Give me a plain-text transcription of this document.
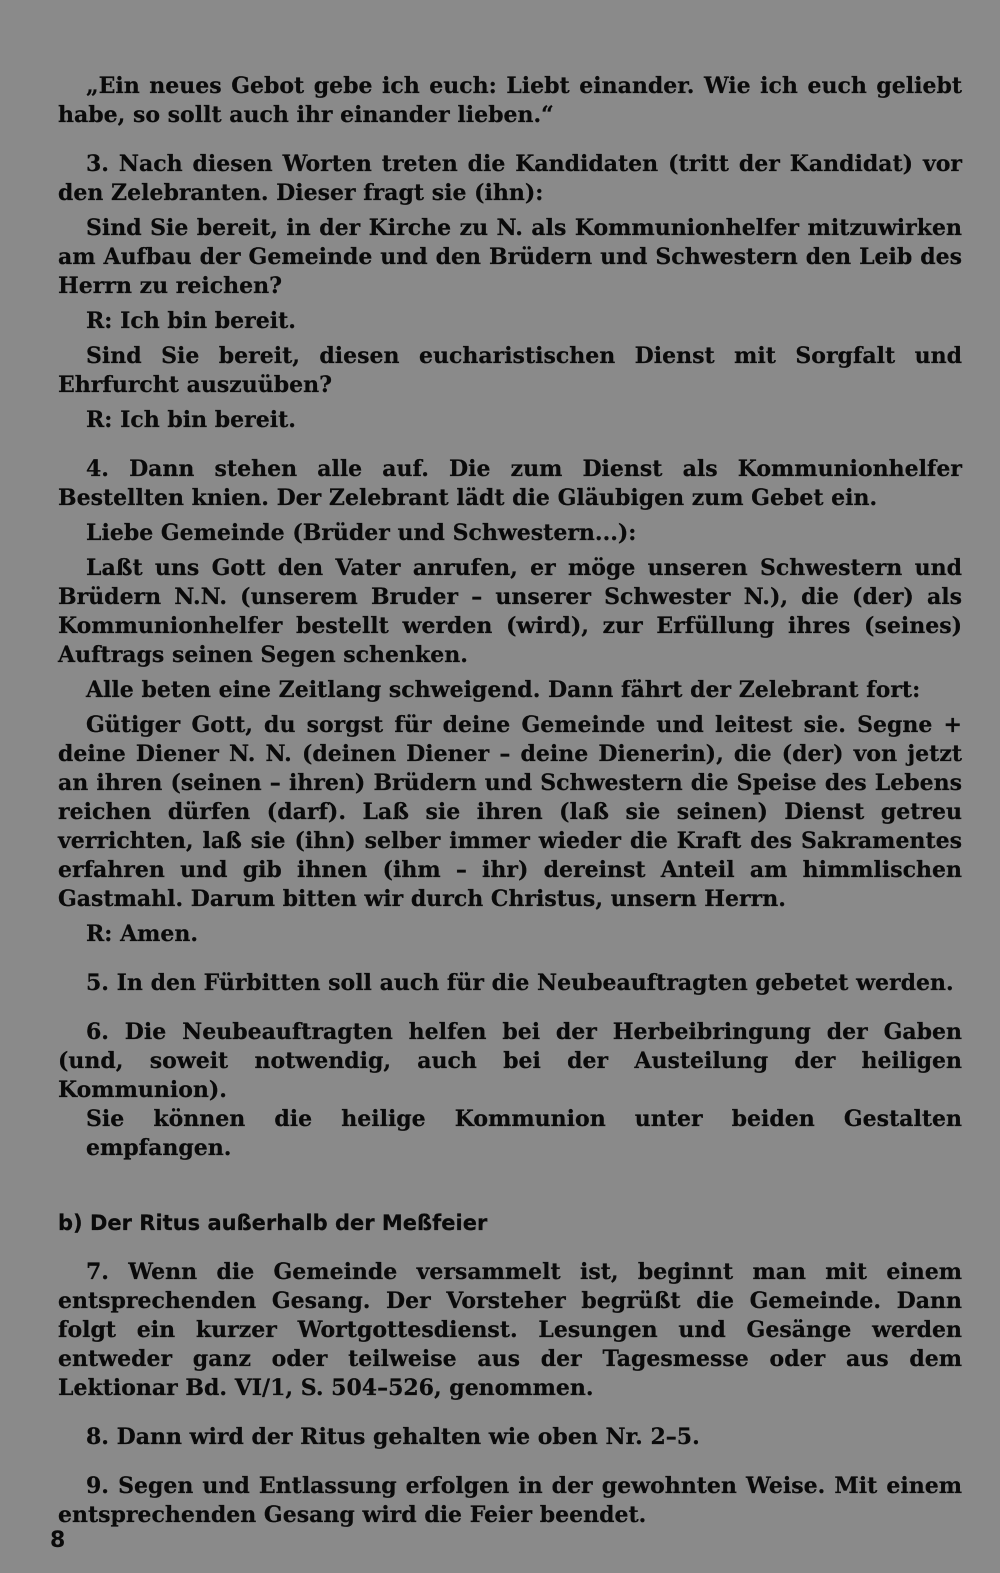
„Ein neues Gebot gebe ich euch: Liebt einander. Wie ich euch geliebt habe, so sollt auch ihr einander lieben.“

3. Nach diesen Worten treten die Kandidaten (tritt der Kandidat) vor den Zelebranten. Dieser fragt sie (ihn):

Sind Sie bereit, in der Kirche zu N. als Kommunionhelfer mitzuwirken am Aufbau der Gemeinde und den Brüdern und Schwestern den Leib des Herrn zu reichen?

R: Ich bin bereit.

Sind Sie bereit, diesen eucharistischen Dienst mit Sorgfalt und Ehrfurcht auszuüben?

R: Ich bin bereit.

4. Dann stehen alle auf. Die zum Dienst als Kommunionhelfer Bestellten knien. Der Zelebrant lädt die Gläubigen zum Gebet ein.

Liebe Gemeinde (Brüder und Schwestern...):

Laßt uns Gott den Vater anrufen, er möge unseren Schwestern und Brüdern N.N. (unserem Bruder – unserer Schwester N.), die (der) als Kommunionhelfer bestellt werden (wird), zur Erfüllung ihres (seines) Auftrags seinen Segen schenken.

Alle beten eine Zeitlang schweigend. Dann fährt der Zelebrant fort:

Gütiger Gott, du sorgst für deine Gemeinde und leitest sie. Segne + deine Diener N. N. (deinen Diener – deine Dienerin), die (der) von jetzt an ihren (seinen – ihren) Brüdern und Schwestern die Speise des Lebens reichen dürfen (darf). Laß sie ihren (laß sie seinen) Dienst getreu verrichten, laß sie (ihn) selber immer wieder die Kraft des Sakramentes erfahren und gib ihnen (ihm – ihr) dereinst Anteil am himmlischen Gastmahl. Darum bitten wir durch Christus, unsern Herrn.

R: Amen.

5. In den Fürbitten soll auch für die Neubeauftragten gebetet werden.

6. Die Neubeauftragten helfen bei der Herbeibringung der Gaben (und, soweit notwendig, auch bei der Austeilung der heiligen Kommunion).

Sie können die heilige Kommunion unter beiden Gestalten empfangen.

b) Der Ritus außerhalb der Meßfeier

7. Wenn die Gemeinde versammelt ist, beginnt man mit einem entsprechenden Gesang. Der Vorsteher begrüßt die Gemeinde. Dann folgt ein kurzer Wortgottesdienst. Lesungen und Gesänge werden entweder ganz oder teilweise aus der Tagesmesse oder aus dem Lektionar Bd. VI/1, S. 504–526, genommen.

8. Dann wird der Ritus gehalten wie oben Nr. 2–5.

9. Segen und Entlassung erfolgen in der gewohnten Weise. Mit einem entsprechenden Gesang wird die Feier beendet.

8
